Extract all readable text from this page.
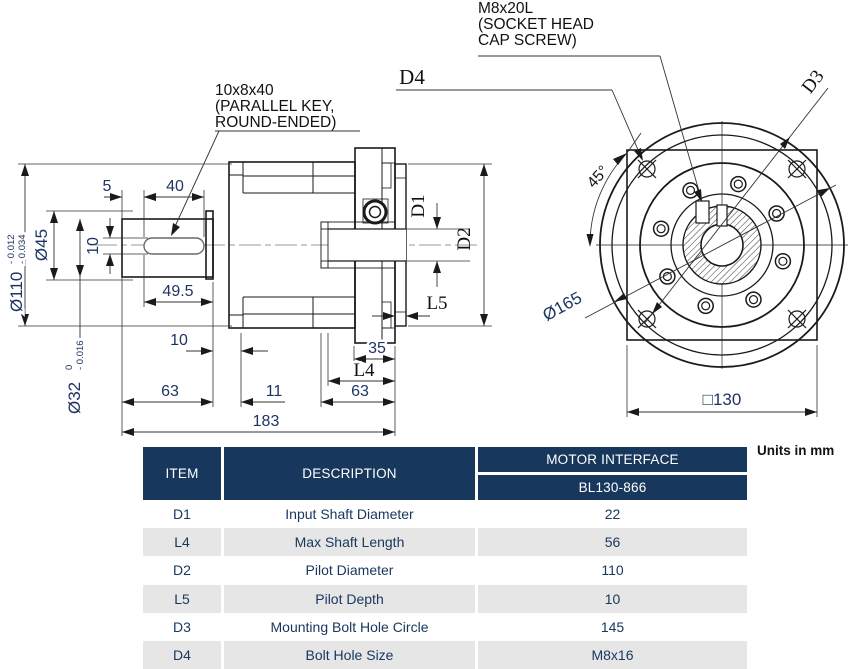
5	40
10
Ø45
Ø110
- 0.012 - 0.034
Ø32
0 - 0.016
49.5
10
63	11
183
63
35
L4
L5
D1
D2
45°
Ø165
D3
□130
10x8x40
(PARALLEL KEY,
ROUND-ENDED)
M8x20L
(SOCKET HEAD
CAP SCREW)
D4
ITEM	DESCRIPTION
MOTOR INTERFACE
BL130-866
D1	Input Shaft Diameter	22
L4	Max Shaft Length	56
D2	Pilot Diameter	110
L5	Pilot Depth	10
D3	Mounting Bolt Hole Circle	145
D4	Bolt Hole Size	M8x16
Units in mm
